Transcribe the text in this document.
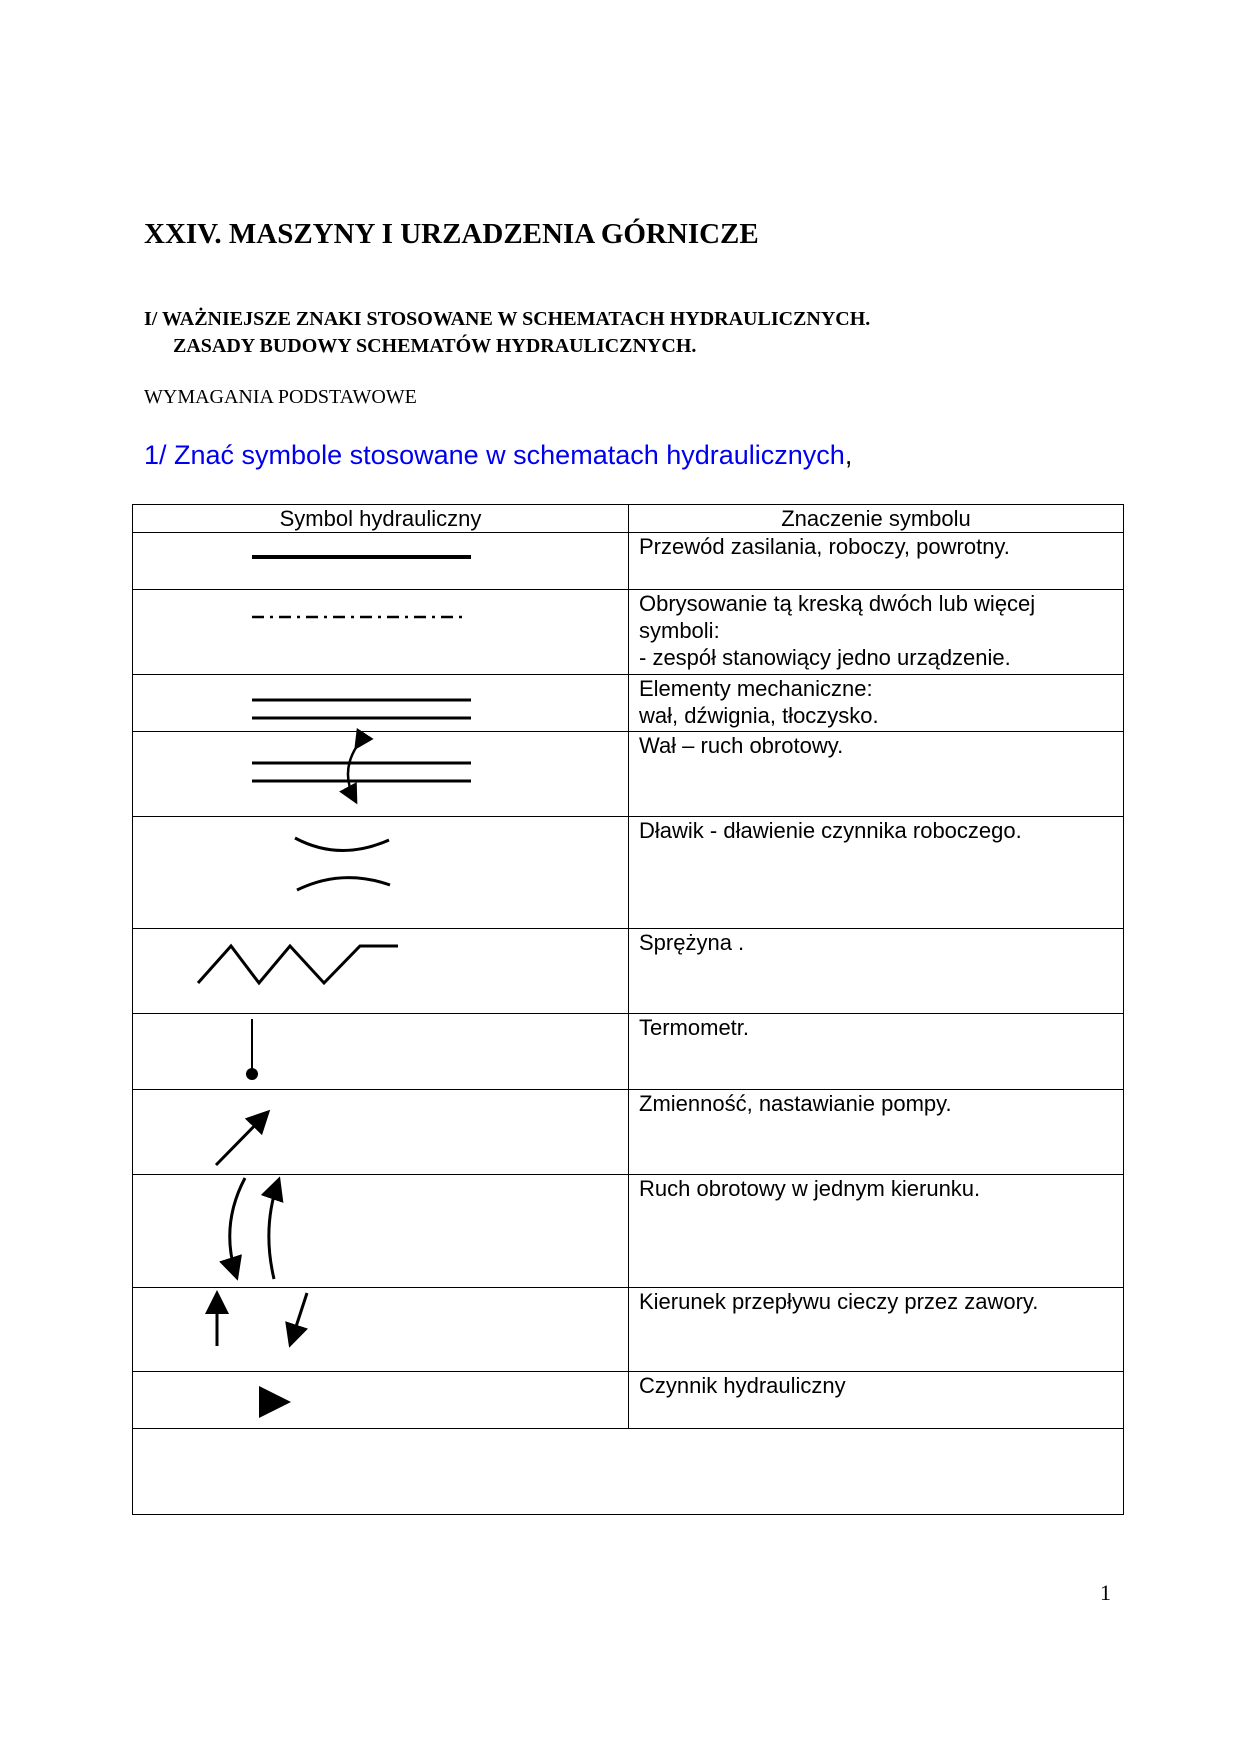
XXIV. MASZYNY I URZADZENIA GÓRNICZE
I/ WAŻNIEJSZE ZNAKI STOSOWANE W SCHEMATACH HYDRAULICZNYCH.
ZASADY BUDOWY SCHEMATÓW HYDRAULICZNYCH.
WYMAGANIA PODSTAWOWE
1/ Znać symbole stosowane w schematach hydraulicznych,
Symbol hydrauliczny	Znaczenie symbolu

	Przewód zasilania, roboczy, powrotny.

	Obrysowanie tą kreską dwóch lub więcej
symboli:
- zespół stanowiący jedno urządzenie.

	Elementy mechaniczne:
wał, dźwignia, tłoczysko.

	Wał – ruch obrotowy.

	Dławik - dławienie czynnika roboczego.

	Sprężyna .

	Termometr.

	Zmienność, nastawianie pompy.

	Ruch obrotowy w jednym kierunku.

	Kierunek przepływu cieczy przez zawory.

	Czynnik hydrauliczny

1
